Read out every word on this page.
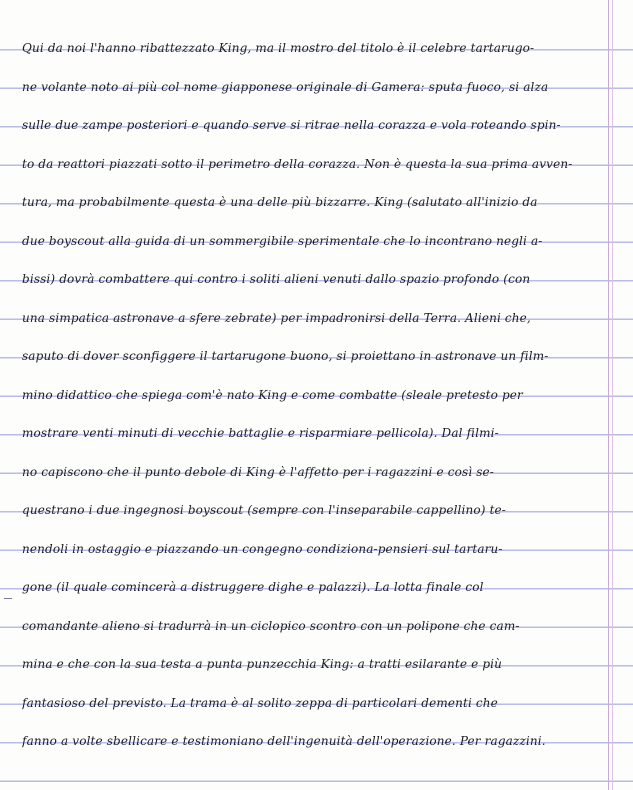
Qui da noi l'hanno ribattezzato King, ma il mostro del titolo è il celebre tartarugo-
ne volante noto ai più col nome giapponese originale di Gamera: sputa fuoco, si alza
sulle due zampe posteriori e quando serve si ritrae nella corazza e vola roteando spin-
to da reattori piazzati sotto il perimetro della corazza. Non è questa la sua prima avven-
tura, ma probabilmente questa è una delle più bizzarre. King (salutato all'inizio da
due boyscout alla guida di un sommergibile sperimentale che lo incontrano negli a-
bissi) dovrà combattere qui contro i soliti alieni venuti dallo spazio profondo (con
una simpatica astronave a sfere zebrate) per impadronirsi della Terra. Alieni che,
saputo di dover sconfiggere il tartarugone buono, si proiettano in astronave un film-
mino didattico che spiega com'è nato King e come combatte (sleale pretesto per
mostrare venti minuti di vecchie battaglie e risparmiare pellicola). Dal filmi-
no capiscono che il punto debole di King è l'affetto per i ragazzini e così se-
questrano i due ingegnosi boyscout (sempre con l'inseparabile cappellino) te-
nendoli in ostaggio e piazzando un congegno condiziona-pensieri sul tartaru-
gone (il quale comincerà a distruggere dighe e palazzi). La lotta finale col
comandante alieno si tradurrà in un ciclopico scontro con un polipone che cam-
mina e che con la sua testa a punta punzecchia King: a tratti esilarante e più
fantasioso del previsto. La trama è al solito zeppa di particolari dementi che
fanno a volte sbellicare e testimoniano dell'ingenuità dell'operazione. Per ragazzini.
